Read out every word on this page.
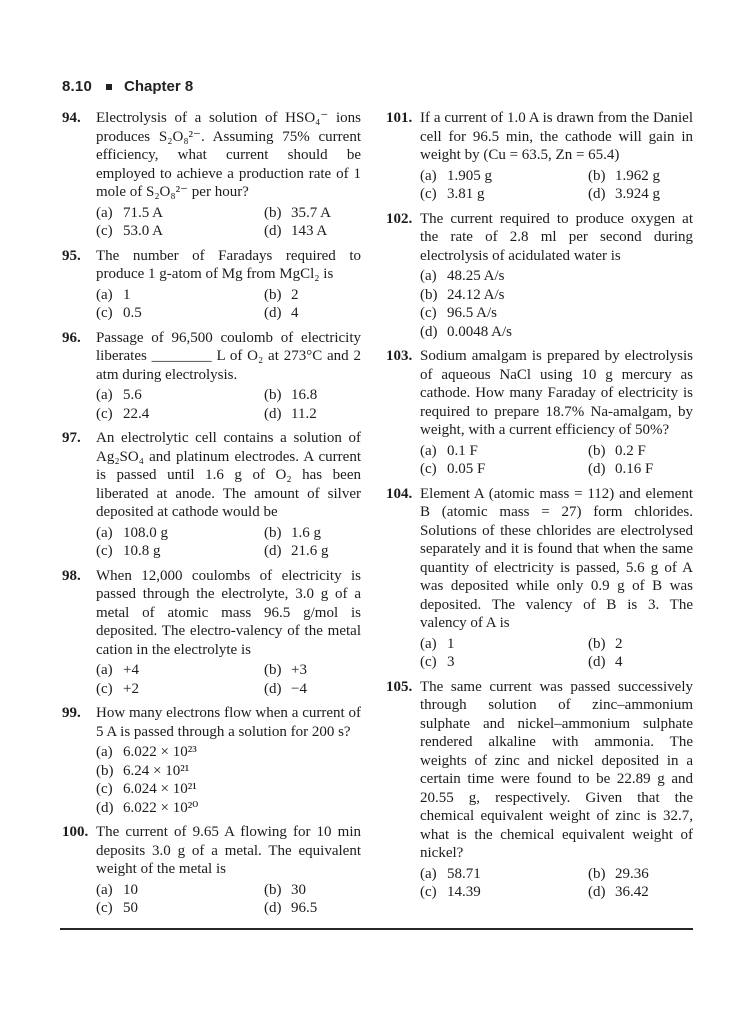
8.10 Chapter 8
94.	Electrolysis of a solution of HSO₄⁻ ions produces S₂O₈²⁻. Assuming 75% current efficiency, what current should be employed to achieve a production rate of 1 mole of S₂O₈²⁻ per hour?

(a) 71.5 A	(b) 35.7 A
(c) 53.0 A	(d) 143 A
95.	The number of Faradays required to produce 1 g-atom of Mg from MgCl₂ is

(a) 1	(b) 2
(c) 0.5	(d) 4
96.	Passage of 96,500 coulomb of electricity liberates ________ L of O₂ at 273°C and 2 atm during electrolysis.

(a) 5.6	(b) 16.8
(c) 22.4	(d) 11.2
97.	An electrolytic cell contains a solution of Ag₂SO₄ and platinum electrodes. A current is passed until 1.6 g of O₂ has been liberated at anode. The amount of silver deposited at cathode would be

(a) 108.0 g	(b) 1.6 g
(c) 10.8 g	(d) 21.6 g
98.	When 12,000 coulombs of electricity is passed through the electrolyte, 3.0 g of a metal of atomic mass 96.5 g/mol is deposited. The electro-valency of the metal cation in the electrolyte is

(a) +4	(b) +3
(c) +2	(d) −4
99.	How many electrons flow when a current of 5 A is passed through a solution for 200 s?

(a) 6.022 × 10²³
(b) 6.24 × 10²¹
(c) 6.024 × 10²¹
(d) 6.022 × 10²⁰
100. The current of 9.65 A flowing for 10 min deposits 3.0 g of a metal. The equivalent weight of the metal is

(a) 10	(b) 30
(c) 50	(d) 96.5
101. If a current of 1.0 A is drawn from the Daniel cell for 96.5 min, the cathode will gain in weight by (Cu = 63.5, Zn = 65.4)

(a) 1.905 g	(b) 1.962 g
(c) 3.81 g	(d) 3.924 g
102. The current required to produce oxygen at the rate of 2.8 ml per second during electrolysis of acidulated water is

(a) 48.25 A/s
(b) 24.12 A/s
(c) 96.5 A/s
(d) 0.0048 A/s
103. Sodium amalgam is prepared by electrolysis of aqueous NaCl using 10 g mercury as cathode. How many Faraday of electricity is required to prepare 18.7% Na-amalgam, by weight, with a current efficiency of 50%?

(a) 0.1 F	(b) 0.2 F
(c) 0.05 F	(d) 0.16 F
104. Element A (atomic mass = 112) and element B (atomic mass = 27) form chlorides. Solutions of these chlorides are electrolysed separately and it is found that when the same quantity of electricity is passed, 5.6 g of A was deposited while only 0.9 g of B was deposited. The valency of B is 3. The valency of A is

(a) 1	(b) 2
(c) 3	(d) 4
105. The same current was passed successively through solution of zinc–ammonium sulphate and nickel–ammonium sulphate rendered alkaline with ammonia. The weights of zinc and nickel deposited in a certain time were found to be 22.89 g and 20.55 g, respectively. Given that the chemical equivalent weight of zinc is 32.7, what is the chemical equivalent weight of nickel?

(a) 58.71	(b) 29.36
(c) 14.39	(d) 36.42
